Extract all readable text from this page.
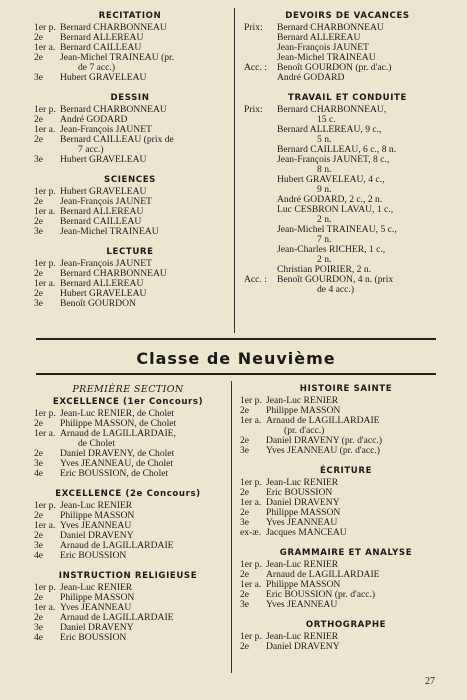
RECITATION
1er p. Bernard CHARBONNEAU
2e Bernard ALLEREAU
1er a. Bernard CAILLEAU
2e Jean-Michel TRAINEAU (pr.
de 7 acc.)
3e Hubert GRAVELEAU
DESSIN
1er p. Bernard CHARBONNEAU
2e André GODARD
1er a. Jean-François JAUNET
2e Bernard CAILLEAU (prix de
7 acc.)
3e Hubert GRAVELEAU
SCIENCES
1er p. Hubert GRAVELEAU
2e Jean-François JAUNET
1er a. Bernard ALLEREAU
2e Bernard CAILLEAU
3e Jean-Michel TRAINEAU
LECTURE
1er p. Jean-François JAUNET
2e Bernard CHARBONNEAU
1er a. Bernard ALLEREAU
2e Hubert GRAVELEAU
3e Benoît GOURDON
DEVOIRS DE VACANCES
Prix: Bernard CHARBONNEAU
Bernard ALLEREAU
Jean-François JAUNET
Jean-Michel TRAINEAU
Acc. : Benoît GOURDON (pr. d'ac.)
André GODARD
TRAVAIL ET CONDUITE
Prix: Bernard CHARBONNEAU,
15 c.
Bernard ALLEREAU, 9 c.,
5 n.
Bernard CAILLEAU, 6 c., 8 n.
Jean-François JAUNET, 8 c.,
8 n.
Hubert GRAVELEAU, 4 c.,
9 n.
André GODARD, 2 c., 2 n.
Luc CESBRON LAVAU, 1 c.,
2 n.
Jean-Michel TRAINEAU, 5 c.,
7 n.
Jean-Charles RICHER, 1 c.,
2 n.
Christian POIRIER, 2 n.
Acc. : Benoît GOURDON, 4 n. (prix
de 4 acc.)
Classe de Neuvième
PREMIÈRE SECTION
EXCELLENCE (1er Concours)
1er p. Jean-Luc RENIER, de Cholet
2e Philippe MASSON, de Cholet
1er a. Arnaud de LAGILLARDAIE,
de Cholet
2e Daniel DRAVENY, de Cholet
3e Yves JEANNEAU, de Cholet
4e Eric BOUSSION, de Cholet
EXCELLENCE (2e Concours)
1er p. Jean-Luc RENIER
2e Philippe MASSON
1er a. Yves JEANNEAU
2e Daniel DRAVENY
3e Arnaud de LAGILLARDAIE
4e Eric BOUSSION
INSTRUCTION RELIGIEUSE
1er p. Jean-Luc RENIER
2e Philippe MASSON
1er a. Yves JEANNEAU
2e Arnaud de LAGILLARDAIE
3e Daniel DRAVENY
4e Eric BOUSSION
HISTOIRE SAINTE
1er p. Jean-Luc RENIER
2e Philippe MASSON
1er a. Arnaud de LAGILLARDAIE
(pr. d'acc.)
2e Daniel DRAVENY (pr. d'acc.)
3e Yves JEANNEAU (pr. d'acc.)
ÉCRITURE
1er p. Jean-Luc RENIER
2e Eric BOUSSION
1er a. Daniel DRAVENY
2e Philippe MASSON
3e Yves JEANNEAU
ex-æ. Jacques MANCEAU
GRAMMAIRE ET ANALYSE
1er p. Jean-Luc RENIER
2e Arnaud de LAGILLARDAIE
1er a. Philippe MASSON
2e Eric BOUSSION (pr. d'acc.)
3e Yves JEANNEAU
ORTHOGRAPHE
1er p. Jean-Luc RENIER
2e Daniel DRAVENY
27
